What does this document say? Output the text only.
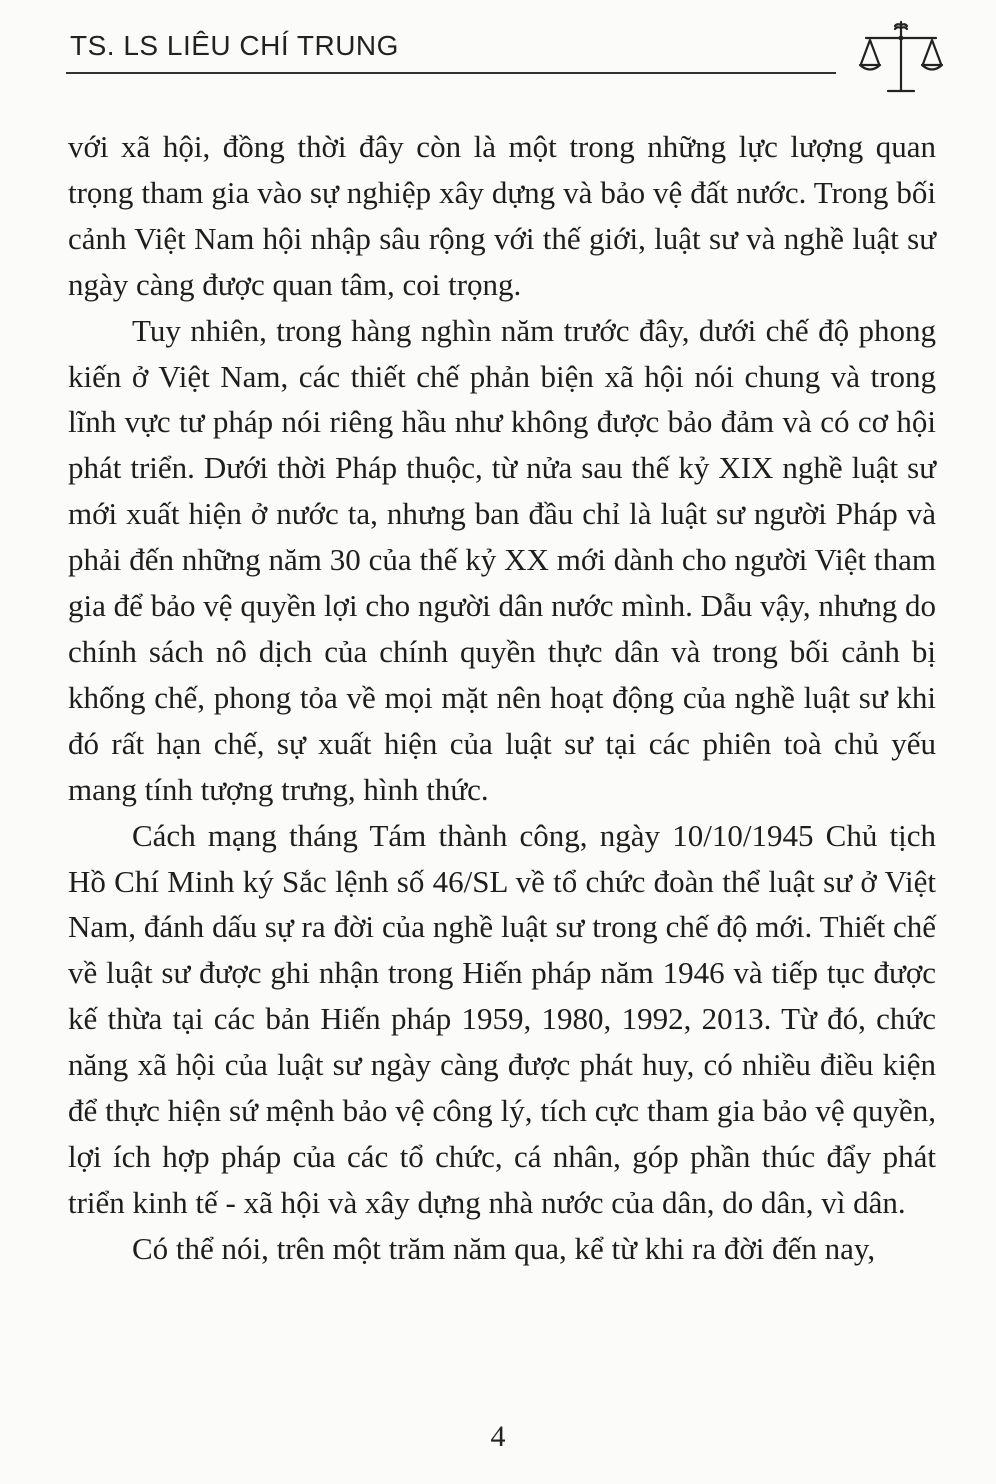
TS. LS LIÊU CHÍ TRUNG

với xã hội, đồng thời đây còn là một trong những lực lượng quan trọng tham gia vào sự nghiệp xây dựng và bảo vệ đất nước. Trong bối cảnh Việt Nam hội nhập sâu rộng với thế giới, luật sư và nghề luật sư ngày càng được quan tâm, coi trọng.

Tuy nhiên, trong hàng nghìn năm trước đây, dưới chế độ phong kiến ở Việt Nam, các thiết chế phản biện xã hội nói chung và trong lĩnh vực tư pháp nói riêng hầu như không được bảo đảm và có cơ hội phát triển. Dưới thời Pháp thuộc, từ nửa sau thế kỷ XIX nghề luật sư mới xuất hiện ở nước ta, nhưng ban đầu chỉ là luật sư người Pháp và phải đến những năm 30 của thế kỷ XX mới dành cho người Việt tham gia để bảo vệ quyền lợi cho người dân nước mình. Dẫu vậy, nhưng do chính sách nô dịch của chính quyền thực dân và trong bối cảnh bị khống chế, phong tỏa về mọi mặt nên hoạt động của nghề luật sư khi đó rất hạn chế, sự xuất hiện của luật sư tại các phiên toà chủ yếu mang tính tượng trưng, hình thức.

Cách mạng tháng Tám thành công, ngày 10/10/1945 Chủ tịch Hồ Chí Minh ký Sắc lệnh số 46/SL về tổ chức đoàn thể luật sư ở Việt Nam, đánh dấu sự ra đời của nghề luật sư trong chế độ mới. Thiết chế về luật sư được ghi nhận trong Hiến pháp năm 1946 và tiếp tục được kế thừa tại các bản Hiến pháp 1959, 1980, 1992, 2013. Từ đó, chức năng xã hội của luật sư ngày càng được phát huy, có nhiều điều kiện để thực hiện sứ mệnh bảo vệ công lý, tích cực tham gia bảo vệ quyền, lợi ích hợp pháp của các tổ chức, cá nhân, góp phần thúc đẩy phát triển kinh tế - xã hội và xây dựng nhà nước của dân, do dân, vì dân.

Có thể nói, trên một trăm năm qua, kể từ khi ra đời đến nay,

4
